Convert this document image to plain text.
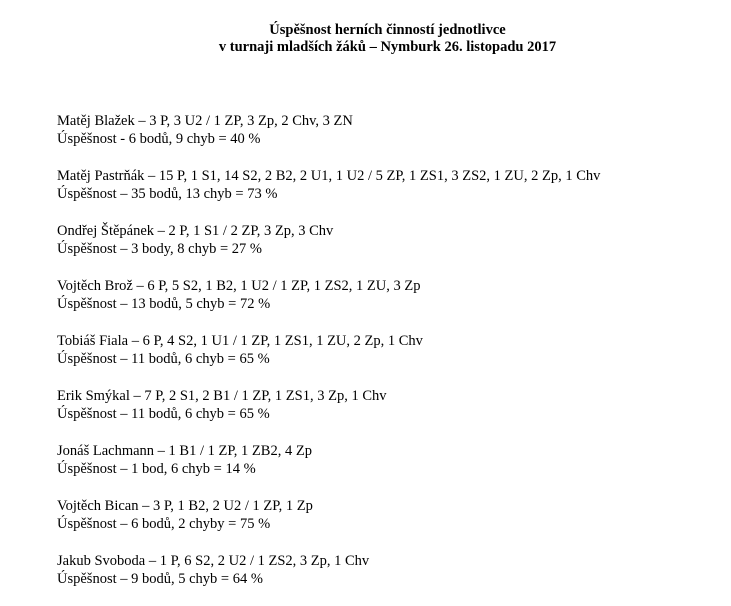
Úspěšnost herních činností jednotlivce
v turnaji mladších žáků – Nymburk 26. listopadu 2017
Matěj Blažek – 3 P, 3 U2 / 1 ZP, 3 Zp, 2 Chv, 3 ZN
Úspěšnost - 6 bodů, 9 chyb = 40 %
Matěj Pastrňák – 15 P, 1 S1, 14 S2, 2 B2, 2 U1, 1 U2 / 5 ZP, 1 ZS1, 3 ZS2, 1 ZU, 2 Zp, 1 Chv
Úspěšnost – 35 bodů, 13 chyb = 73 %
Ondřej Štěpánek – 2 P, 1 S1 / 2 ZP, 3 Zp, 3 Chv
Úspěšnost – 3 body, 8 chyb = 27 %
Vojtěch Brož – 6 P, 5 S2, 1 B2, 1 U2 / 1 ZP, 1 ZS2, 1 ZU, 3 Zp
Úspěšnost – 13 bodů, 5 chyb = 72 %
Tobiáš Fiala – 6 P, 4 S2, 1 U1 / 1 ZP, 1 ZS1, 1 ZU, 2 Zp, 1 Chv
Úspěšnost – 11 bodů, 6 chyb = 65 %
Erik Smýkal – 7 P, 2 S1, 2 B1 / 1 ZP, 1 ZS1, 3 Zp, 1 Chv
Úspěšnost – 11 bodů, 6 chyb = 65 %
Jonáš Lachmann – 1 B1 / 1 ZP, 1 ZB2, 4 Zp
Úspěšnost – 1 bod, 6 chyb = 14 %
Vojtěch Bican – 3 P, 1 B2, 2 U2 / 1 ZP, 1 Zp
Úspěšnost – 6 bodů, 2 chyby = 75 %
Jakub Svoboda – 1 P, 6 S2, 2 U2 / 1 ZS2, 3 Zp, 1 Chv
Úspěšnost – 9 bodů, 5 chyb = 64 %
